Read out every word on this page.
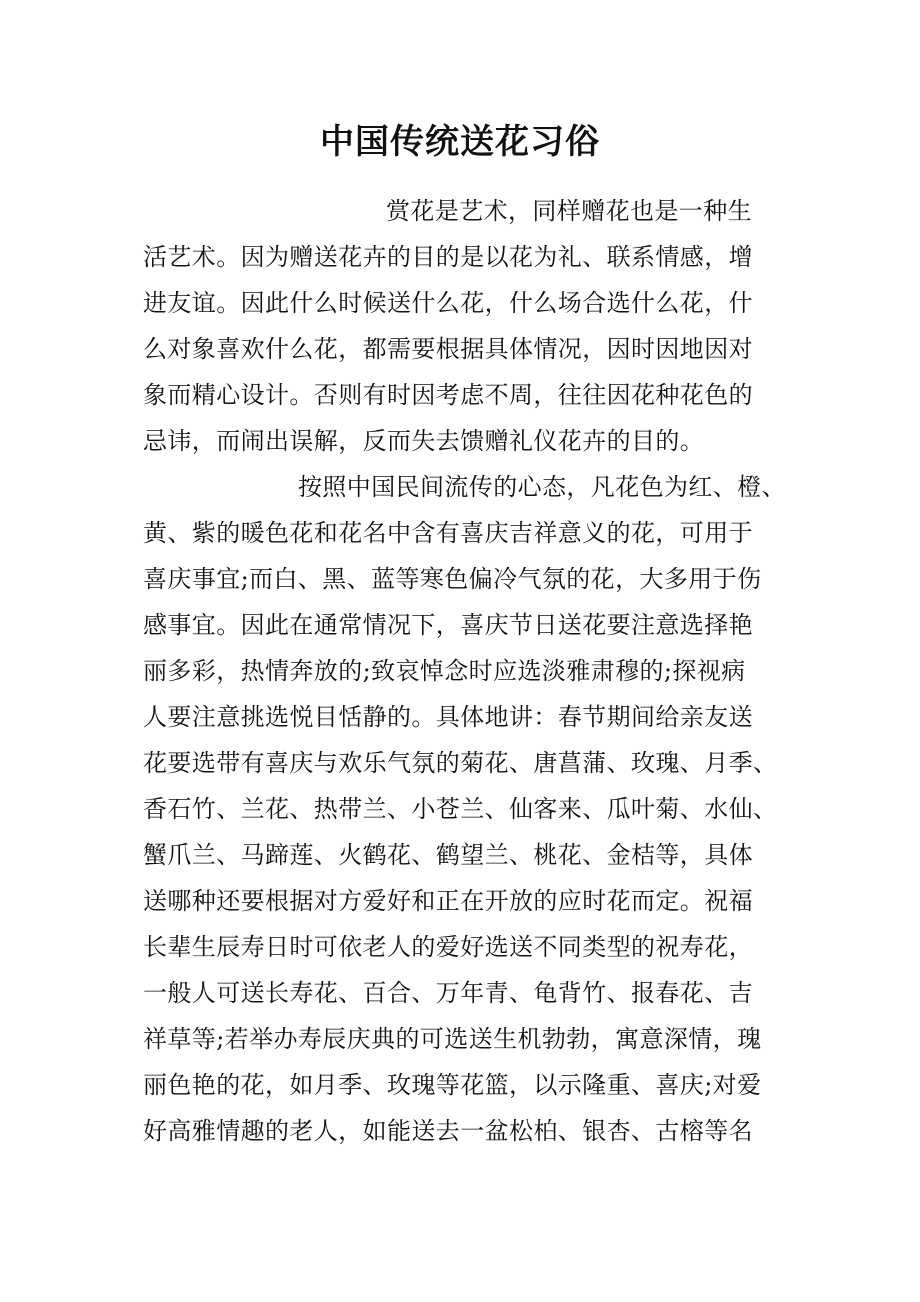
中国传统送花习俗
赏花是艺术，同样赠花也是一种生
活艺术。因为赠送花卉的目的是以花为礼、联系情感，增
进友谊。因此什么时候送什么花，什么场合选什么花，什
么对象喜欢什么花，都需要根据具体情况，因时因地因对
象而精心设计。否则有时因考虑不周，往往因花种花色的
忌讳，而闹出误解，反而失去馈赠礼仪花卉的目的。
按照中国民间流传的心态，凡花色为红、橙、
黄、紫的暖色花和花名中含有喜庆吉祥意义的花，可用于
喜庆事宜;而白、黑、蓝等寒色偏冷气氛的花，大多用于伤
感事宜。因此在通常情况下，喜庆节日送花要注意选择艳
丽多彩，热情奔放的;致哀悼念时应选淡雅肃穆的;探视病
人要注意挑选悦目恬静的。具体地讲：春节期间给亲友送
花要选带有喜庆与欢乐气氛的菊花、唐菖蒲、玫瑰、月季、
香石竹、兰花、热带兰、小苍兰、仙客来、瓜叶菊、水仙、
蟹爪兰、马蹄莲、火鹤花、鹤望兰、桃花、金桔等，具体
送哪种还要根据对方爱好和正在开放的应时花而定。祝福
长辈生辰寿日时可依老人的爱好选送不同类型的祝寿花，
一般人可送长寿花、百合、万年青、龟背竹、报春花、吉
祥草等;若举办寿辰庆典的可选送生机勃勃，寓意深情，瑰
丽色艳的花，如月季、玫瑰等花篮，以示隆重、喜庆;对爱
好高雅情趣的老人，如能送去一盆松柏、银杏、古榕等名
